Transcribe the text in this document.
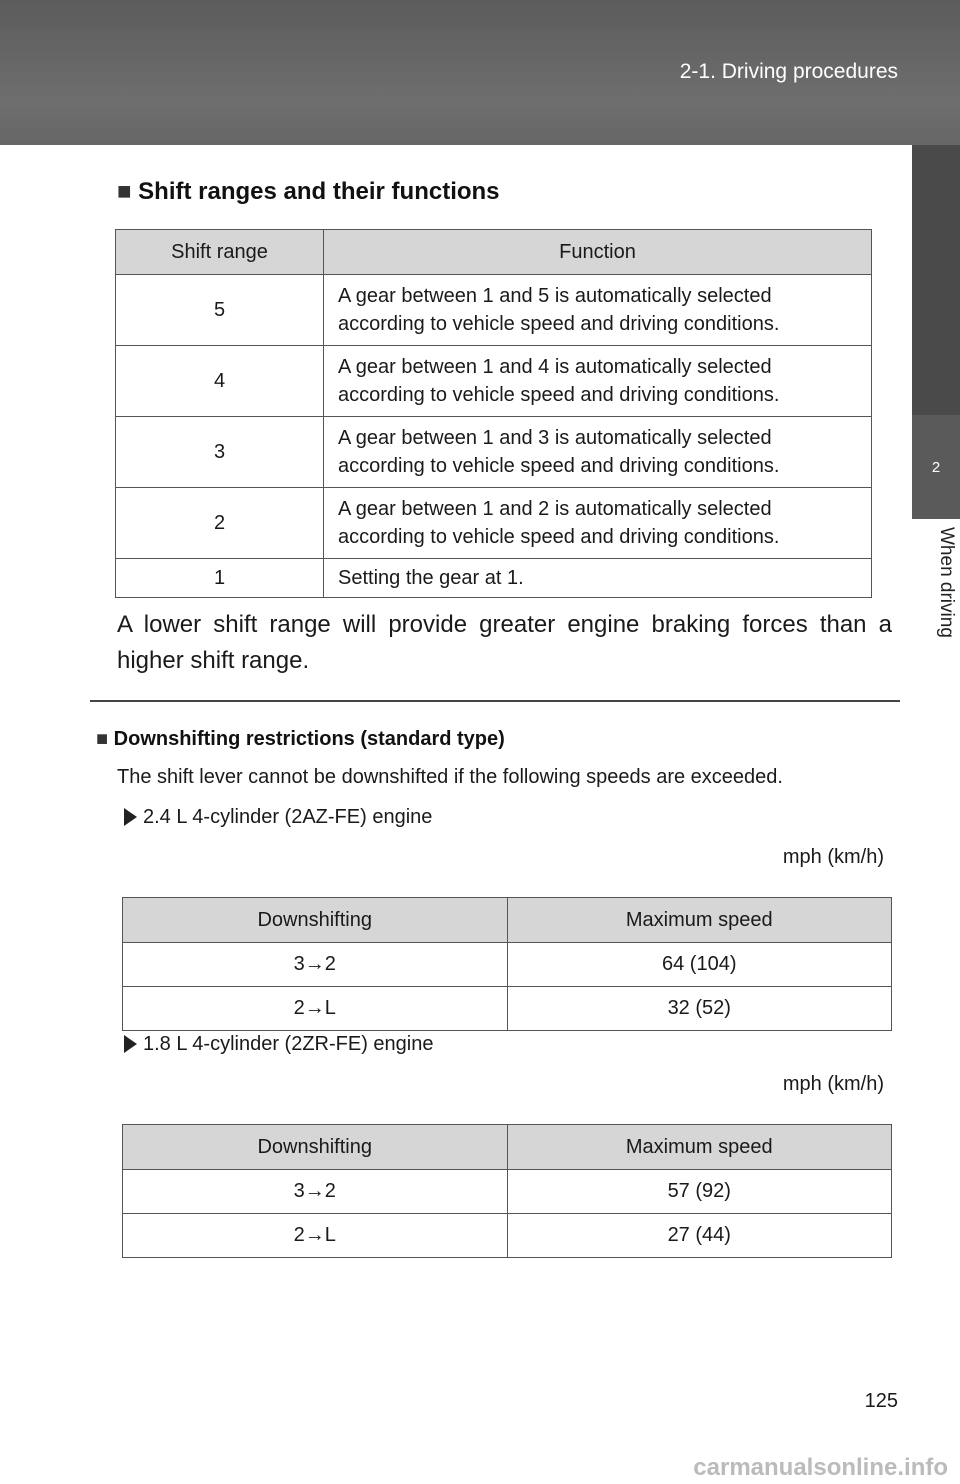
2-1. Driving procedures
2
When driving
■ Shift ranges and their functions
Shift range	Function
5	A gear between 1 and 5 is automatically selected
according to vehicle speed and driving conditions.
4	A gear between 1 and 4 is automatically selected
according to vehicle speed and driving conditions.
3	A gear between 1 and 3 is automatically selected
according to vehicle speed and driving conditions.
2	A gear between 1 and 2 is automatically selected
according to vehicle speed and driving conditions.
1	Setting the gear at 1.
A lower shift range will provide greater engine braking forces than a higher shift range.
■ Downshifting restrictions (standard type)
The shift lever cannot be downshifted if the following speeds are exceeded.
2.4 L 4-cylinder (2AZ-FE) engine
mph (km/h)
Downshifting	Maximum speed
3→2	64 (104)
2→L	32 (52)
1.8 L 4-cylinder (2ZR-FE) engine
mph (km/h)
Downshifting	Maximum speed
3→2	57 (92)
2→L	27 (44)
125
carmanualsonline.info
